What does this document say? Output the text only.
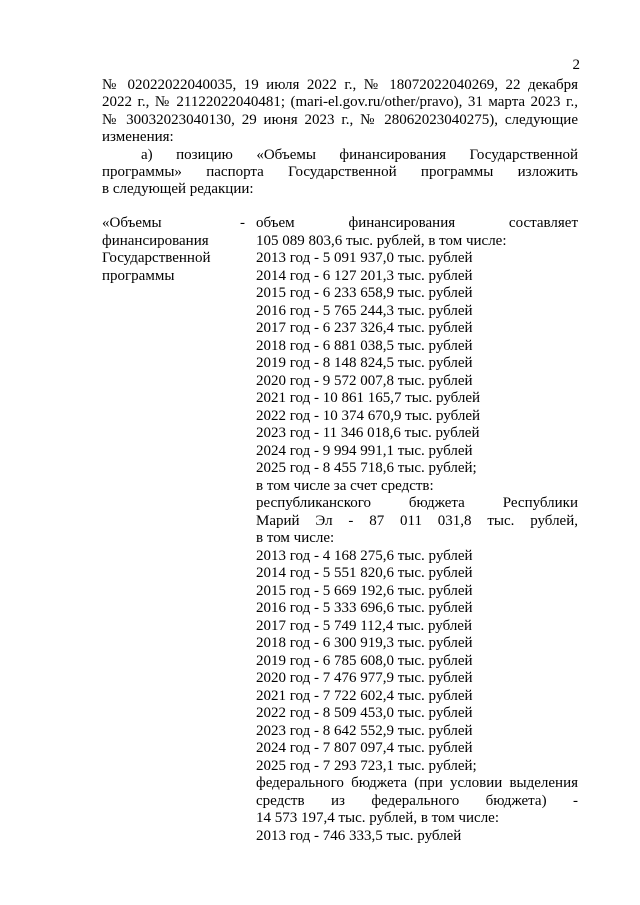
2
№ 02022022040035, 19 июля 2022 г., № 18072022040269, 22 декабря
2022 г., № 21122022040481; (mari-el.gov.ru/other/pravo), 31 марта 2023 г.,
№ 30032023040130, 29 июня 2023 г., № 28062023040275), следующие
изменения:
а) позицию «Объемы финансирования Государственной
программы» паспорта Государственной программы изложить
в следующей редакции:
«Объемы
финансирования
Государственной
программы
- объем финансирования составляет
105 089 803,6 тыс. рублей, в том числе:
2013 год - 5 091 937,0 тыс. рублей
2014 год - 6 127 201,3 тыс. рублей
2015 год - 6 233 658,9 тыс. рублей
2016 год - 5 765 244,3 тыс. рублей
2017 год - 6 237 326,4 тыс. рублей
2018 год - 6 881 038,5 тыс. рублей
2019 год - 8 148 824,5 тыс. рублей
2020 год - 9 572 007,8 тыс. рублей
2021 год - 10 861 165,7 тыс. рублей
2022 год - 10 374 670,9 тыс. рублей
2023 год - 11 346 018,6 тыс. рублей
2024 год - 9 994 991,1 тыс. рублей
2025 год - 8 455 718,6 тыс. рублей;
в том числе за счет средств:
республиканского бюджета Республики
Марий Эл - 87 011 031,8 тыс. рублей,
в том числе:
2013 год - 4 168 275,6 тыс. рублей
2014 год - 5 551 820,6 тыс. рублей
2015 год - 5 669 192,6 тыс. рублей
2016 год - 5 333 696,6 тыс. рублей
2017 год - 5 749 112,4 тыс. рублей
2018 год - 6 300 919,3 тыс. рублей
2019 год - 6 785 608,0 тыс. рублей
2020 год - 7 476 977,9 тыс. рублей
2021 год - 7 722 602,4 тыс. рублей
2022 год - 8 509 453,0 тыс. рублей
2023 год - 8 642 552,9 тыс. рублей
2024 год - 7 807 097,4 тыс. рублей
2025 год - 7 293 723,1 тыс. рублей;
федерального бюджета (при условии выделения
средств из федерального бюджета) -
14 573 197,4 тыс. рублей, в том числе:
2013 год - 746 333,5 тыс. рублей
